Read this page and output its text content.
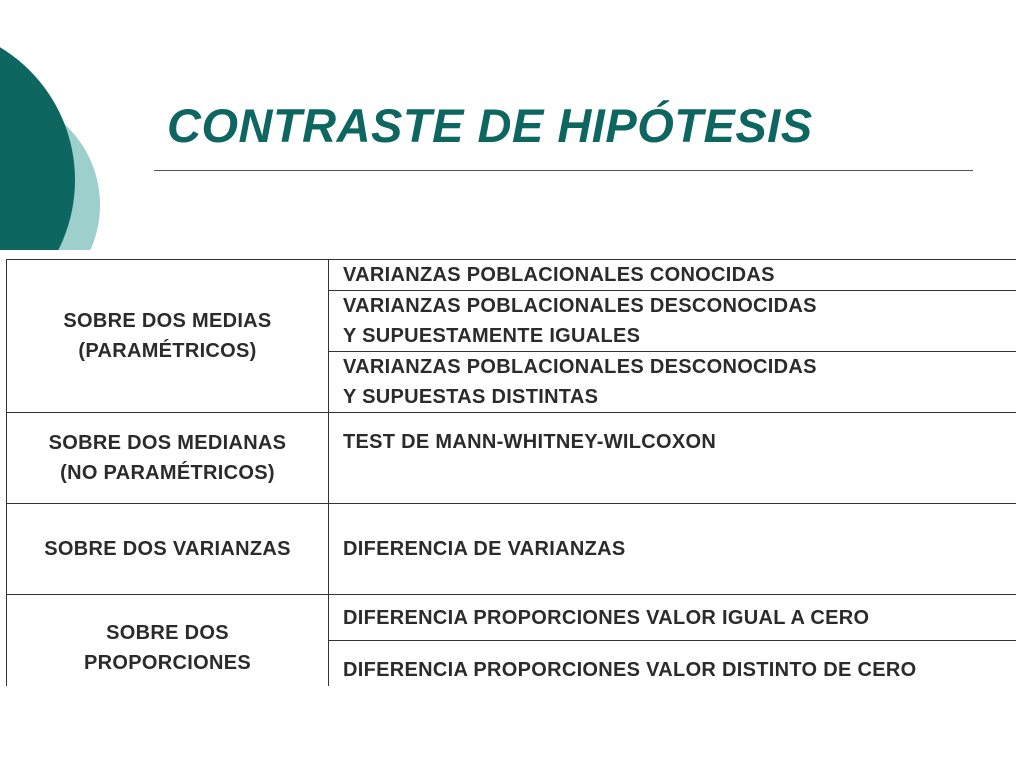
CONTRASTE DE HIPÓTESIS
SOBRE DOS MEDIAS
(PARAMÉTRICOS)	VARIANZAS POBLACIONALES CONOCIDAS

	VARIANZAS POBLACIONALES DESCONOCIDAS
Y SUPUESTAMENTE IGUALES

	VARIANZAS POBLACIONALES DESCONOCIDAS
Y SUPUESTAS DISTINTAS

SOBRE DOS MEDIANAS
(NO PARAMÉTRICOS)	TEST DE MANN-WHITNEY-WILCOXON

SOBRE DOS VARIANZAS	DIFERENCIA DE VARIANZAS

SOBRE DOS
PROPORCIONES	DIFERENCIA PROPORCIONES VALOR IGUAL A CERO

	DIFERENCIA PROPORCIONES VALOR DISTINTO DE CERO
